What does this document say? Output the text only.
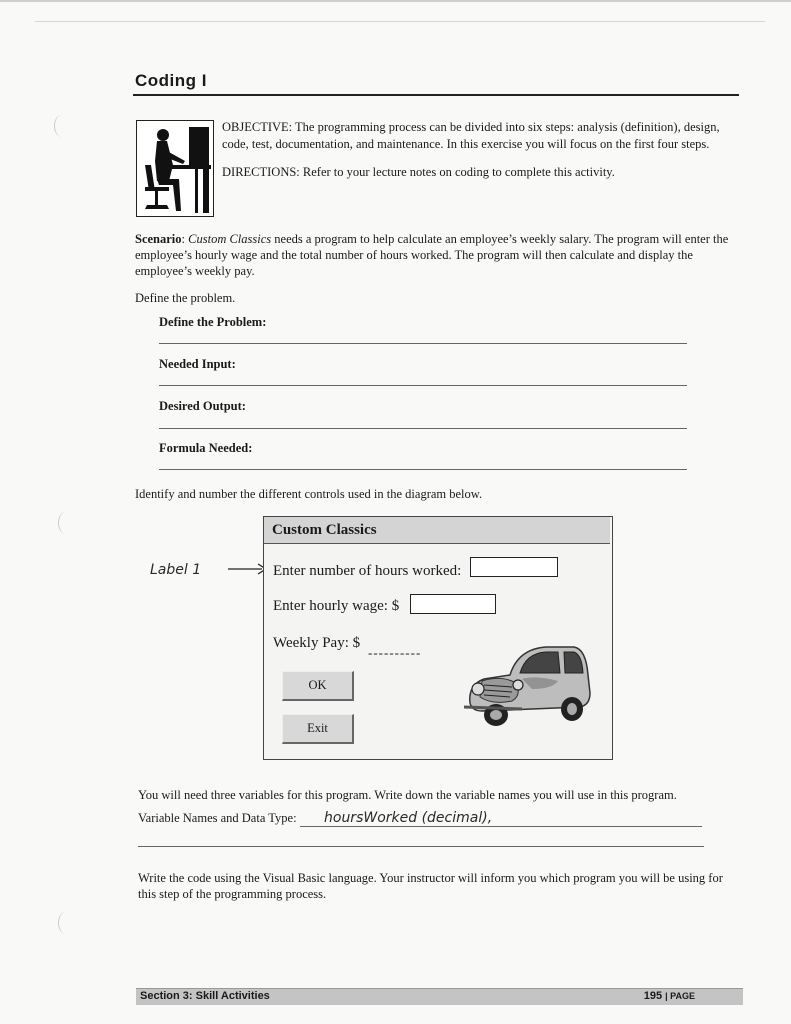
Coding I
OBJECTIVE: The programming process can be divided into six steps: analysis (definition), design, code, test, documentation, and maintenance. In this exercise you will focus on the first four steps.
DIRECTIONS: Refer to your lecture notes on coding to complete this activity.
Scenario: Custom Classics needs a program to help calculate an employee’s weekly salary. The program will enter the employee’s hourly wage and the total number of hours worked. The program will then calculate and display the employee’s weekly pay.
Define the problem.
Define the Problem:
Needed Input:
Desired Output:
Formula Needed:
Identify and number the different controls used in the diagram below.
Label 1
Custom Classics
Enter number of hours worked:
Enter hourly wage: $
Weekly Pay: $
----------
OK
Exit
You will need three variables for this program. Write down the variable names you will use in this program.
Variable Names and Data Type: hoursWorked (decimal),
Write the code using the Visual Basic language. Your instructor will inform you which program you will be using for this step of the programming process.
Section 3: Skill Activities	195 | PAGE
